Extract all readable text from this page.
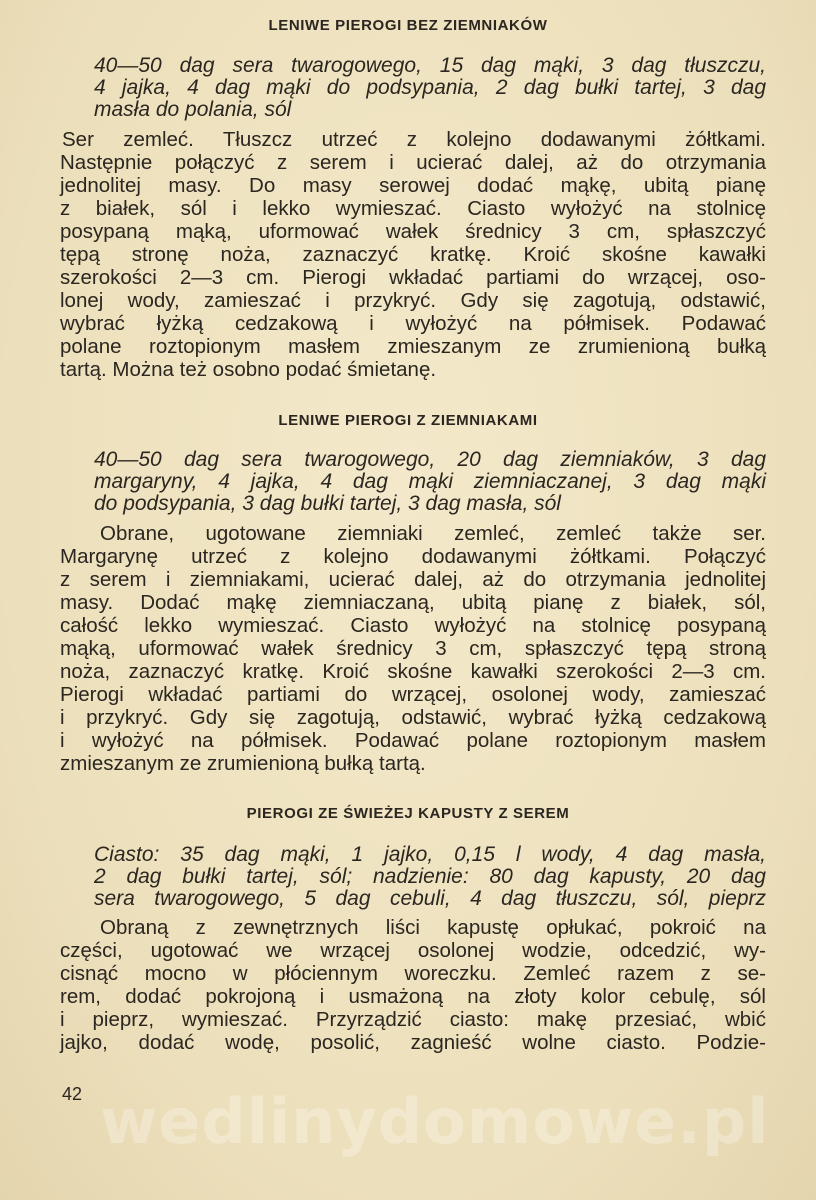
LENIWE PIEROGI BEZ ZIEMNIAKÓW
40—50 dag sera twarogowego, 15 dag mąki, 3 dag tłuszczu,
4 jajka, 4 dag mąki do podsypania, 2 dag bułki tartej, 3 dag
masła do polania, sól
Ser zemleć. Tłuszcz utrzeć z kolejno dodawanymi żółtkami.
Następnie połączyć z serem i ucierać dalej, aż do otrzymania
jednolitej masy. Do masy serowej dodać mąkę, ubitą pianę
z białek, sól i lekko wymieszać. Ciasto wyłożyć na stolnicę
posypaną mąką, uformować wałek średnicy 3 cm, spłaszczyć
tępą stronę noża, zaznaczyć kratkę. Kroić skośne kawałki
szerokości 2—3 cm. Pierogi wkładać partiami do wrzącej, oso-
lonej wody, zamieszać i przykryć. Gdy się zagotują, odstawić,
wybrać łyżką cedzakową i wyłożyć na półmisek. Podawać
polane roztopionym masłem zmieszanym ze zrumienioną bułką
tartą. Można też osobno podać śmietanę.
LENIWE PIEROGI Z ZIEMNIAKAMI
40—50 dag sera twarogowego, 20 dag ziemniaków, 3 dag
margaryny, 4 jajka, 4 dag mąki ziemniaczanej, 3 dag mąki
do podsypania, 3 dag bułki tartej, 3 dag masła, sól
Obrane, ugotowane ziemniaki zemleć, zemleć także ser.
Margarynę utrzeć z kolejno dodawanymi żółtkami. Połączyć
z serem i ziemniakami, ucierać dalej, aż do otrzymania jednolitej
masy. Dodać mąkę ziemniaczaną, ubitą pianę z białek, sól,
całość lekko wymieszać. Ciasto wyłożyć na stolnicę posypaną
mąką, uformować wałek średnicy 3 cm, spłaszczyć tępą stroną
noża, zaznaczyć kratkę. Kroić skośne kawałki szerokości 2—3 cm.
Pierogi wkładać partiami do wrzącej, osolonej wody, zamieszać
i przykryć. Gdy się zagotują, odstawić, wybrać łyżką cedzakową
i wyłożyć na półmisek. Podawać polane roztopionym masłem
zmieszanym ze zrumienioną bułką tartą.
PIEROGI ZE ŚWIEŻEJ KAPUSTY Z SEREM
Ciasto: 35 dag mąki, 1 jajko, 0,15 l wody, 4 dag masła,
2 dag bułki tartej, sól; nadzienie: 80 dag kapusty, 20 dag
sera twarogowego, 5 dag cebuli, 4 dag tłuszczu, sól, pieprz
Obraną z zewnętrznych liści kapustę opłukać, pokroić na
części, ugotować we wrzącej osolonej wodzie, odcedzić, wy-
cisnąć mocno w płóciennym woreczku. Zemleć razem z se-
rem, dodać pokrojoną i usmażoną na złoty kolor cebulę, sól
i pieprz, wymieszać. Przyrządzić ciasto: makę przesiać, wbić
jajko, dodać wodę, posolić, zagnieść wolne ciasto. Podzie-
42 wedlinydomowe.pl
